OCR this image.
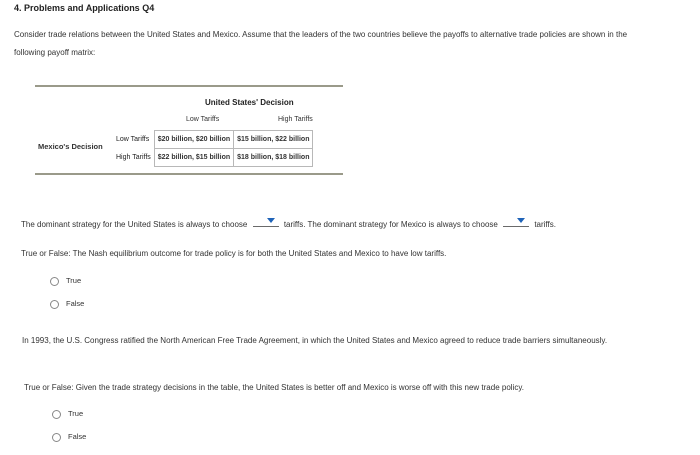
4. Problems and Applications Q4
Consider trade relations between the United States and Mexico. Assume that the leaders of the two countries believe the payoffs to alternative trade policies are shown in the following payoff matrix:
United States' Decision
Low Tariffs	High Tariffs
Mexico's Decision
Low Tariffs	$20 billion, $20 billion	$15 billion, $22 billion
High Tariffs	$22 billion, $15 billion	$18 billion, $18 billion
The dominant strategy for the United States is always to choose	tariffs. The dominant strategy for Mexico is always to choose	tariffs.
True or False: The Nash equilibrium outcome for trade policy is for both the United States and Mexico to have low tariffs.
True
False
In 1993, the U.S. Congress ratified the North American Free Trade Agreement, in which the United States and Mexico agreed to reduce trade barriers simultaneously.
True or False: Given the trade strategy decisions in the table, the United States is better off and Mexico is worse off with this new trade policy.
True
False
